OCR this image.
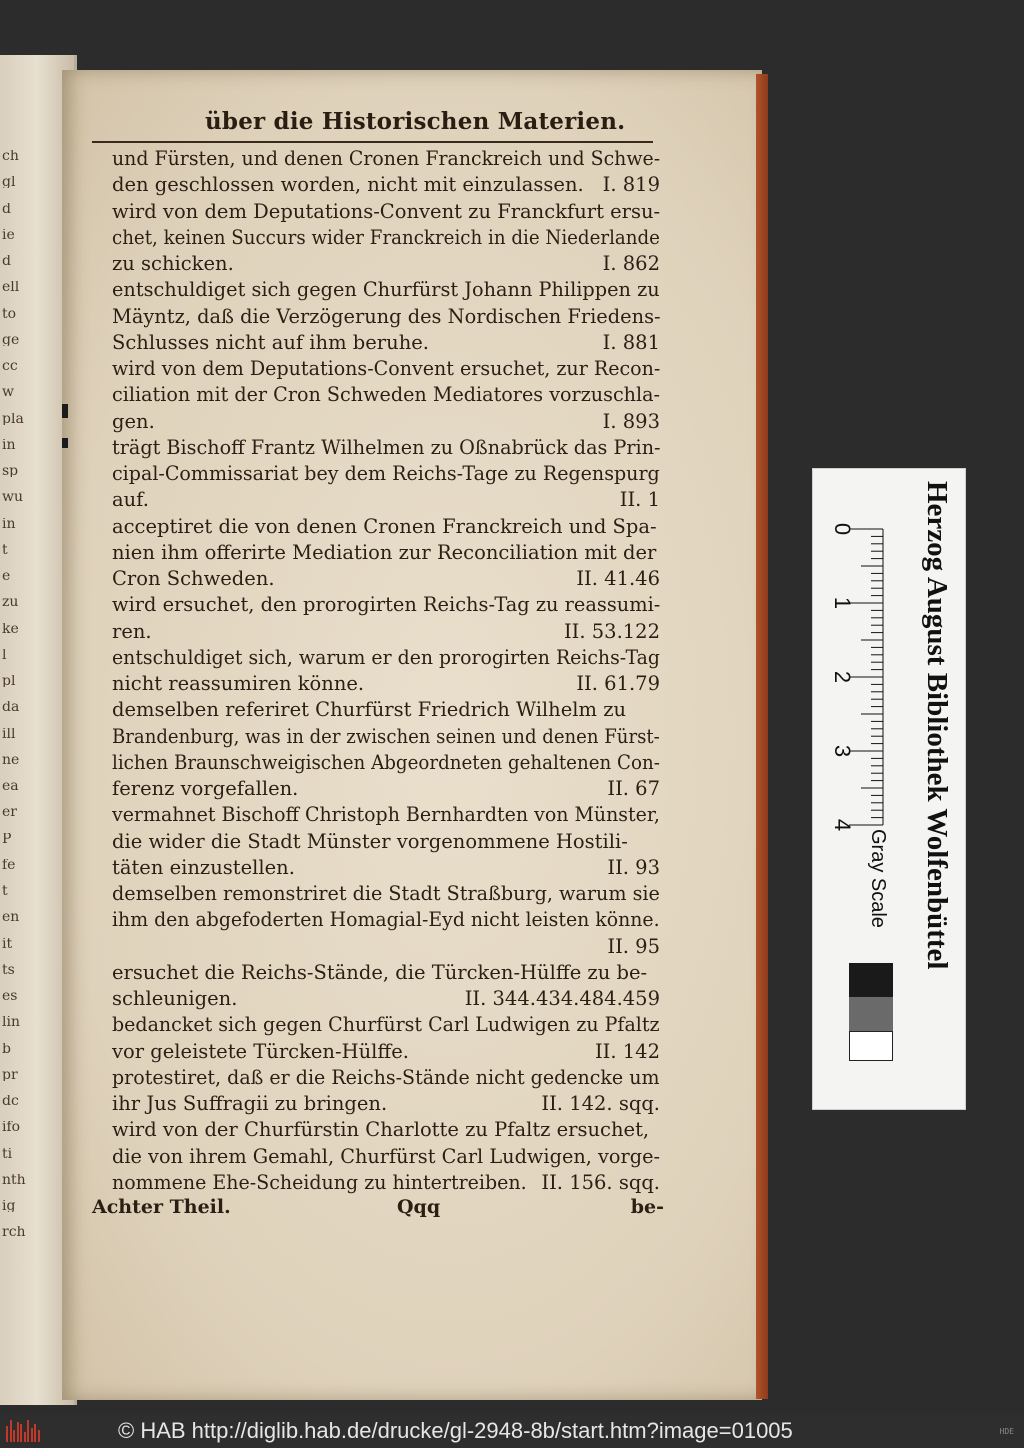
ch
gl
d
ie
d
ell
to
ge
cc
w
pla
in
sp
wu
in
t
e
zu
ke
l
pl
da
ill
ne
ea
er
P
fe
t
en
it
ts
es
lin
b
pr
dc
ifo
ti
nth
ig
rch
über die Historischen Materien.
und Fürsten, und denen Cronen Franckreich und Schwe-
den geschlossen worden, nicht mit einzulassen. I. 819
wird von dem Deputations-Convent zu Franckfurt ersu-
chet, keinen Succurs wider Franckreich in die Niederlande
zu schicken.	I. 862
entschuldiget sich gegen Churfürst Johann Philippen zu
Mäyntz, daß die Verzögerung des Nordischen Friedens-
Schlusses nicht auf ihm beruhe.	I. 881
wird von dem Deputations-Convent ersuchet, zur Recon-
ciliation mit der Cron Schweden Mediatores vorzuschla-
gen.	I. 893
trägt Bischoff Frantz Wilhelmen zu Oßnabrück das Prin-
cipal-Commissariat bey dem Reichs-Tage zu Regenspurg
auf.	II. 1
acceptiret die von denen Cronen Franckreich und Spa-
nien ihm offerirte Mediation zur Reconciliation mit der
Cron Schweden.	II. 41.46
wird ersuchet, den prorogirten Reichs-Tag zu reassumi-
ren.	II. 53.122
entschuldiget sich, warum er den prorogirten Reichs-Tag
nicht reassumiren könne.	II. 61.79
demselben referiret Churfürst Friedrich Wilhelm zu
Brandenburg, was in der zwischen seinen und denen Fürst-
lichen Braunschweigischen Abgeordneten gehaltenen Con-
ferenz vorgefallen.	II. 67
vermahnet Bischoff Christoph Bernhardten von Münster,
die wider die Stadt Münster vorgenommene Hostili-
täten einzustellen.	II. 93
demselben remonstriret die Stadt Straßburg, warum sie
ihm den abgefoderten Homagial-Eyd nicht leisten könne.
II. 95
ersuchet die Reichs-Stände, die Türcken-Hülffe zu be-
schleunigen.	II. 344.434.484.459
bedancket sich gegen Churfürst Carl Ludwigen zu Pfaltz
vor geleistete Türcken-Hülffe.	II. 142
protestiret, daß er die Reichs-Stände nicht gedencke um
ihr Jus Suffragii zu bringen.	II. 142. sqq.
wird von der Churfürstin Charlotte zu Pfaltz ersuchet,
die von ihrem Gemahl, Churfürst Carl Ludwigen, vorge-
nommene Ehe-Scheidung zu hintertreiben. II. 156. sqq.
Achter Theil.	Qqq	be-
0
1
2
3
4
Gray Scale Herzog August Bibliothek Wolfenbüttel
© HAB http://diglib.hab.de/drucke/gl-2948-8b/start.htm?image=01005	HDE
